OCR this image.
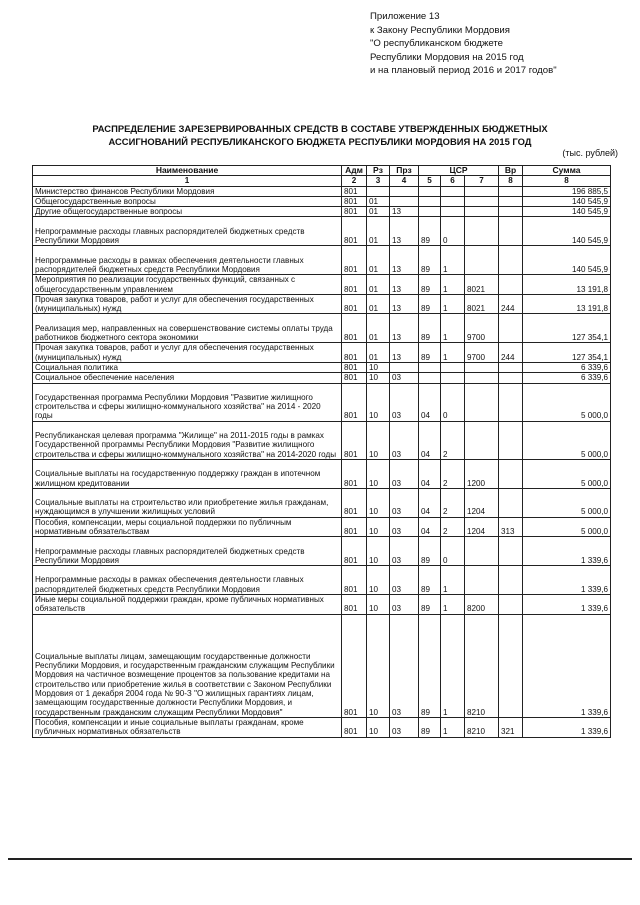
Приложение 13
к Закону Республики Мордовия
"О республиканском бюджете
Республики Мордовия на 2015 год
и на плановый период 2016 и 2017 годов"
РАСПРЕДЕЛЕНИЕ ЗАРЕЗЕРВИРОВАННЫХ СРЕДСТВ В СОСТАВЕ УТВЕРЖДЕННЫХ БЮДЖЕТНЫХ
АССИГНОВАНИЙ РЕСПУБЛИКАНСКОГО БЮДЖЕТА РЕСПУБЛИКИ МОРДОВИЯ НА 2015 ГОД
(тыс. рублей)
Наименование	Адм	Рз	Прз	ЦСР			Вр	Сумма
1	2	3	4	5	6	7	8	8
Министерство финансов Республики Мордовия	801							196 885,5
Общегосударственные вопросы	801	01						140 545,9
Другие общегосударственные вопросы	801	01	13					140 545,9
Непрограммные расходы главных распорядителей бюджетных средств Республики Мордовия	801	01	13	89	0			140 545,9
Непрограммные расходы в рамках обеспечения деятельности главных распорядителей бюджетных средств Республики Мордовия	801	01	13	89	1			140 545,9
Мероприятия по реализации государственных функций, связанных с общегосударственным управлением	801	01	13	89	1	8021		13 191,8
Прочая закупка товаров, работ и услуг для обеспечения государственных (муниципальных) нужд	801	01	13	89	1	8021	244	13 191,8
Реализация мер, направленных на совершенствование системы оплаты труда работников бюджетного сектора экономики	801	01	13	89	1	9700		127 354,1
Прочая закупка товаров, работ и услуг для обеспечения государственных (муниципальных) нужд	801	01	13	89	1	9700	244	127 354,1
Социальная политика	801	10						6 339,6
Социальное обеспечение населения	801	10	03					6 339,6
Государственная программа Республики Мордовия "Развитие жилищного строительства и сферы жилищно-коммунального хозяйства" на 2014 - 2020 годы	801	10	03	04	0			5 000,0
Республиканская целевая программа "Жилище" на 2011-2015 годы в рамках Государственной программы Республики Мордовия "Развитие жилищного строительства и сферы жилищно-коммунального хозяйства" на 2014-2020 годы	801	10	03	04	2			5 000,0
Социальные выплаты на государственную поддержку граждан в ипотечном жилищном кредитовании	801	10	03	04	2	1200		5 000,0
Социальные выплаты на строительство или приобретение жилья гражданам, нуждающимся в улучшении жилищных условий	801	10	03	04	2	1204		5 000,0
Пособия, компенсации, меры социальной поддержки по публичным нормативным обязательствам	801	10	03	04	2	1204	313	5 000,0
Непрограммные расходы главных распорядителей бюджетных средств Республики Мордовия	801	10	03	89	0			1 339,6
Непрограммные расходы в рамках обеспечения деятельности главных распорядителей бюджетных средств Республики Мордовия	801	10	03	89	1			1 339,6
Иные меры социальной поддержки граждан, кроме публичных нормативных обязательств	801	10	03	89	1	8200		1 339,6
Социальные выплаты лицам, замещающим государственные должности Республики Мордовия, и государственным гражданским служащим Республики Мордовия на частичное возмещение процентов за пользование кредитами на строительство или приобретение жилья в соответствии с Законом Республики Мордовия от 1 декабря 2004 года № 90-З "О жилищных гарантиях лицам, замещающим государственные должности Республики Мордовия, и государственным гражданским служащим Республики Мордовия"	801	10	03	89	1	8210		1 339,6
Пособия, компенсации и иные социальные выплаты гражданам, кроме публичных нормативных обязательств	801	10	03	89	1	8210	321	1 339,6
